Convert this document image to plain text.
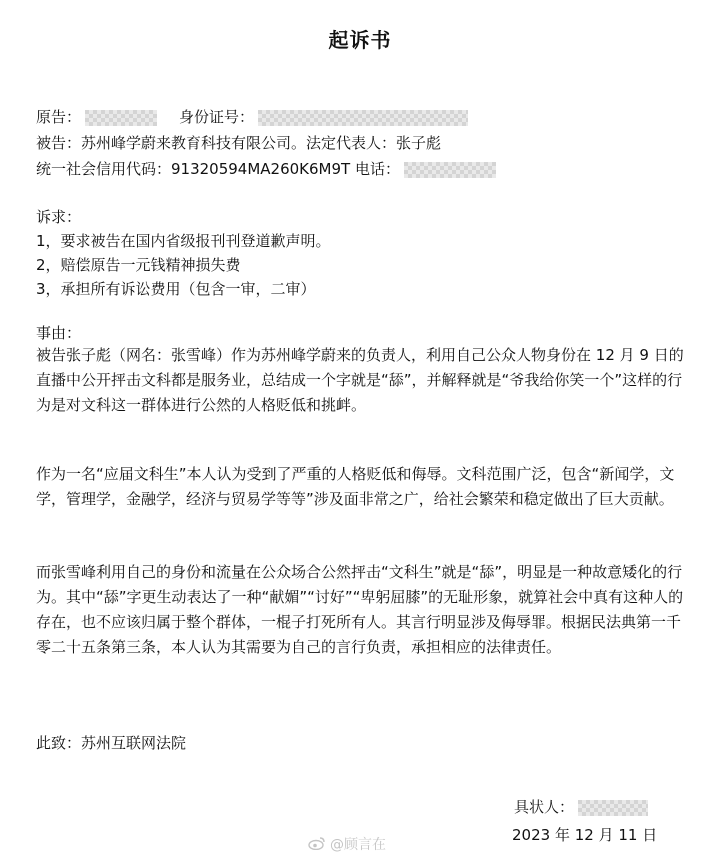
起诉书
原告：	身份证号：
被告：苏州峰学蔚来教育科技有限公司。法定代表人：张子彪
统一社会信用代码：91320594MA260K6M9T 电话：
诉求：
1，要求被告在国内省级报刊刊登道歉声明。
2，赔偿原告一元钱精神损失费
3，承担所有诉讼费用（包含一审，二审）
事由：
被告张子彪（网名：张雪峰）作为苏州峰学蔚来的负责人，利用自己公众人物身份在 12 月 9 日的直播中公开抨击文科都是服务业，总结成一个字就是“舔”，并解释就是“爷我给你笑一个”这样的行为是对文科这一群体进行公然的人格贬低和挑衅。
作为一名“应届文科生”本人认为受到了严重的人格贬低和侮辱。文科范围广泛，包含“新闻学，文学，管理学，金融学，经济与贸易学等等”涉及面非常之广，给社会繁荣和稳定做出了巨大贡献。
而张雪峰利用自己的身份和流量在公众场合公然抨击“文科生”就是“舔”，明显是一种故意矮化的行为。其中“舔”字更生动表达了一种“献媚”“讨好”“卑躬屈膝”的无耻形象，就算社会中真有这种人的存在，也不应该归属于整个群体，一棍子打死所有人。其言行明显涉及侮辱罪。根据民法典第一千零二十五条第三条，本人认为其需要为自己的言行负责，承担相应的法律责任。
此致：苏州互联网法院
具状人：
2023 年 12 月 11 日
@顾言在
